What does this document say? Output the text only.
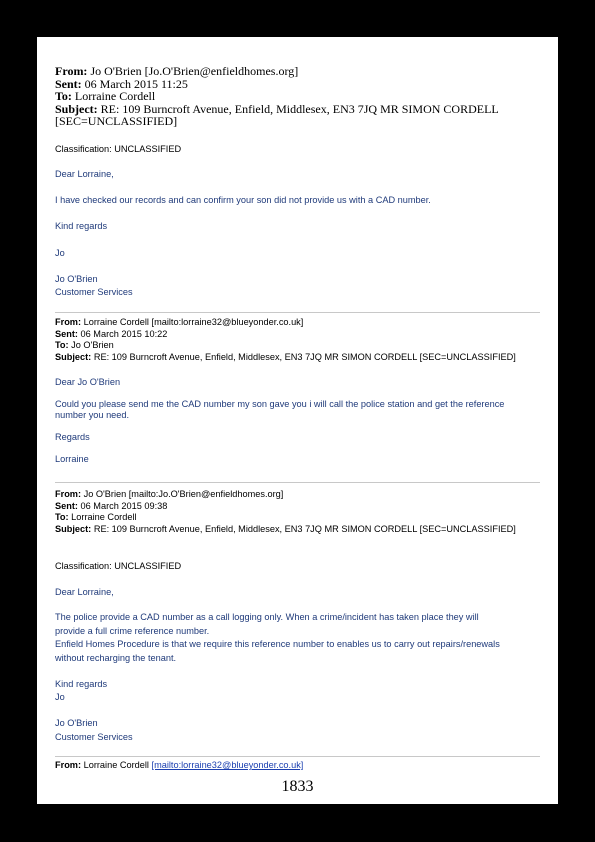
From: Jo O'Brien [Jo.O'Brien@enfieldhomes.org]
Sent: 06 March 2015 11:25
To: Lorraine Cordell
Subject: RE: 109 Burncroft Avenue, Enfield, Middlesex, EN3 7JQ MR SIMON CORDELL
[SEC=UNCLASSIFIED]
Classification: UNCLASSIFIED
Dear Lorraine,
I have checked our records and can confirm your son did not provide us with a CAD number.
Kind regards
Jo
Jo O'Brien
Customer Services
From: Lorraine Cordell [mailto:lorraine32@blueyonder.co.uk]
Sent: 06 March 2015 10:22
To: Jo O'Brien
Subject: RE: 109 Burncroft Avenue, Enfield, Middlesex, EN3 7JQ MR SIMON CORDELL [SEC=UNCLASSIFIED]
Dear Jo O'Brien
Could you please send me the CAD number my son gave you i will call the police station and get the reference
number you need.
Regards
Lorraine
From: Jo O'Brien [mailto:Jo.O'Brien@enfieldhomes.org]
Sent: 06 March 2015 09:38
To: Lorraine Cordell
Subject: RE: 109 Burncroft Avenue, Enfield, Middlesex, EN3 7JQ MR SIMON CORDELL [SEC=UNCLASSIFIED]
Classification: UNCLASSIFIED
Dear Lorraine,
The police provide a CAD number as a call logging only. When a crime/incident has taken place they will
provide a full crime reference number.
Enfield Homes Procedure is that we require this reference number to enables us to carry out repairs/renewals
without recharging the tenant.
Kind regards
Jo
Jo O'Brien
Customer Services
From: Lorraine Cordell [mailto:lorraine32@blueyonder.co.uk]
1833
